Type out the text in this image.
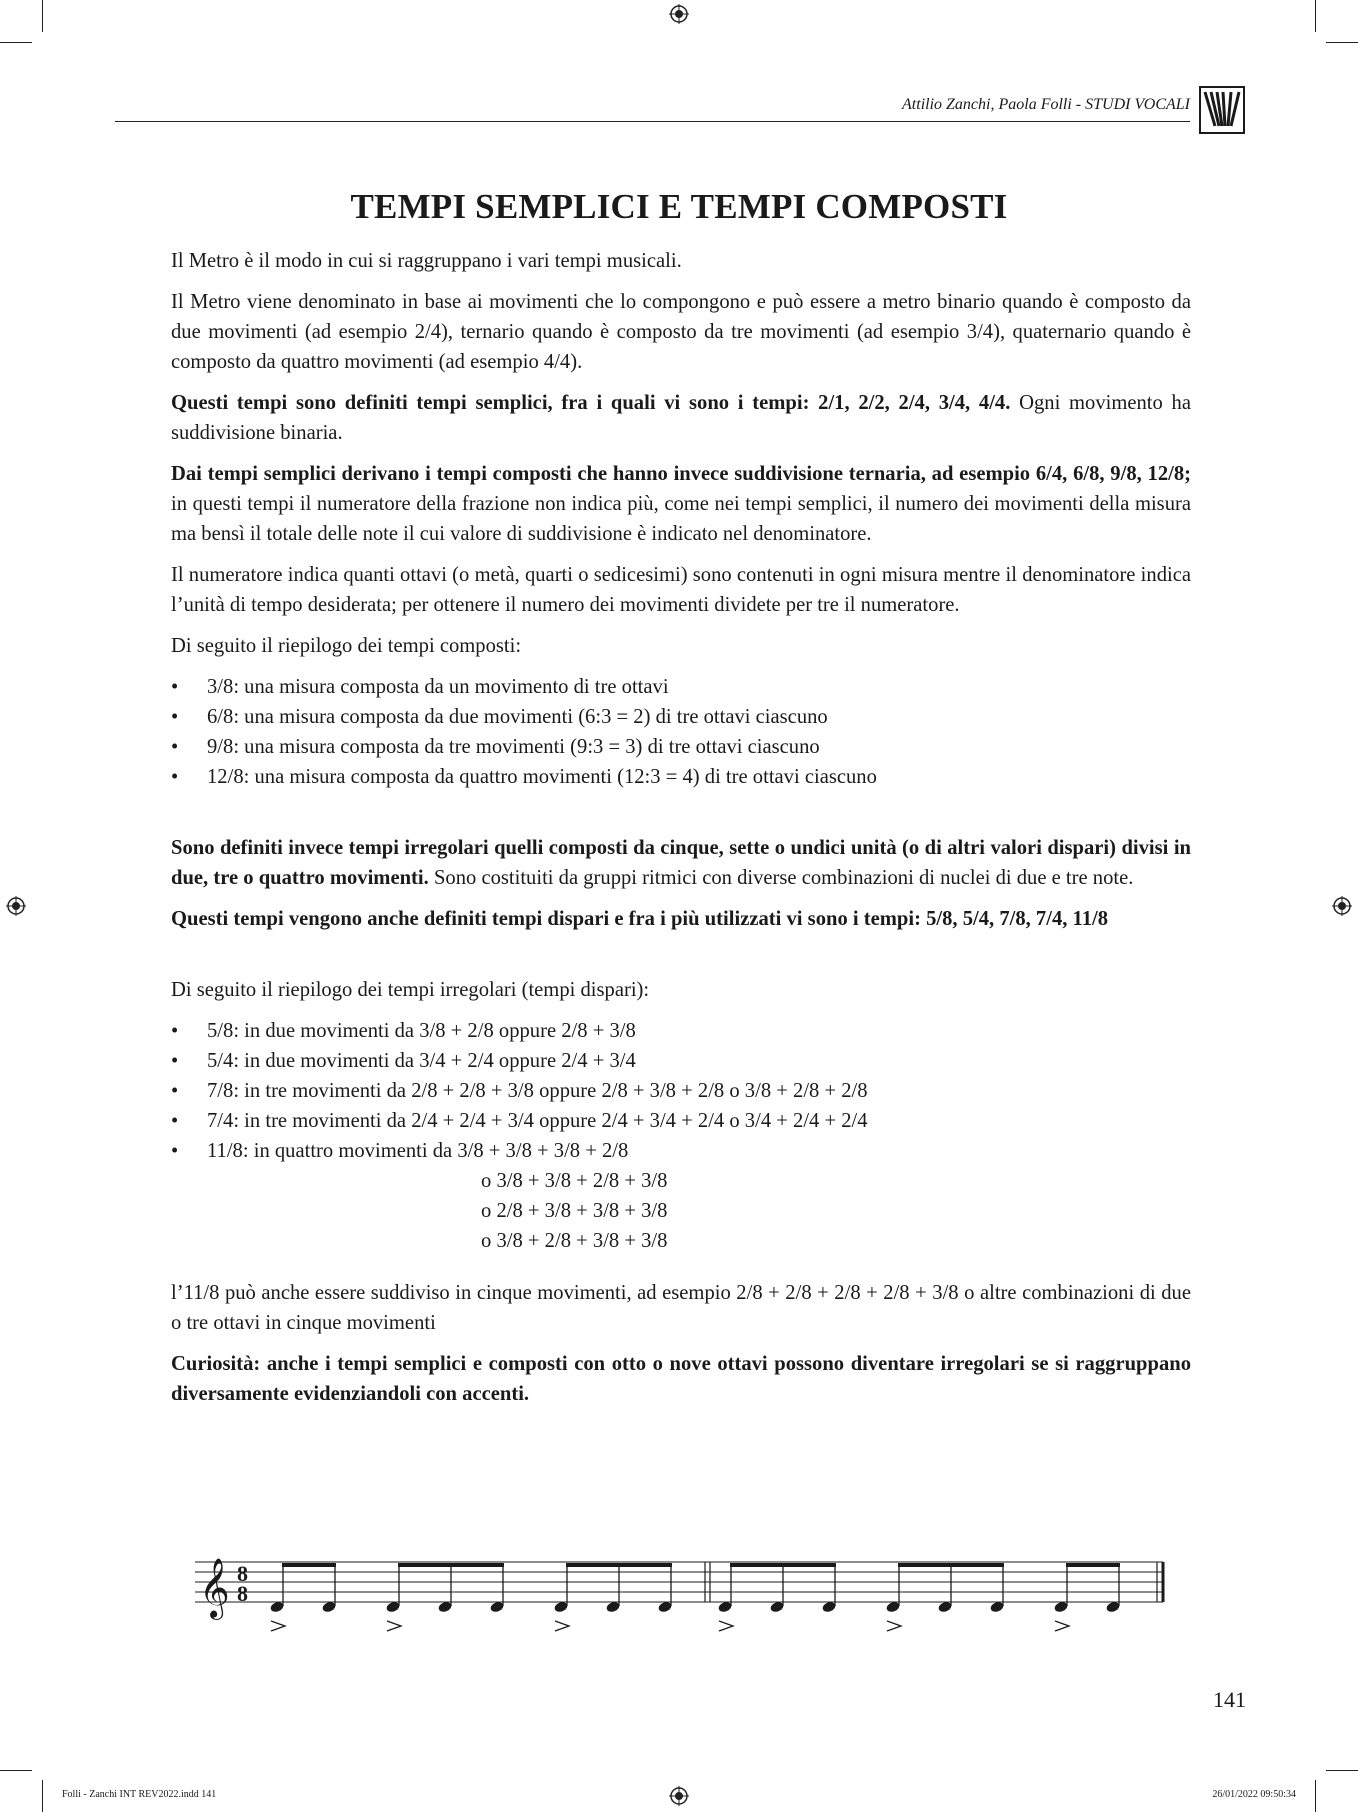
Attilio Zanchi, Paola Folli - STUDI VOCALI
TEMPI SEMPLICI E TEMPI COMPOSTI

Il Metro è il modo in cui si raggruppano i vari tempi musicali.

Il Metro viene denominato in base ai movimenti che lo compongono e può essere a metro binario quando è composto da due movimenti (ad esempio 2/4), ternario quando è composto da tre movimenti (ad esempio 3/4), quaternario quando è composto da quattro movimenti (ad esempio 4/4).

Questi tempi sono definiti tempi semplici, fra i quali vi sono i tempi: 2/1, 2/2, 2/4, 3/4, 4/4. Ogni movimento ha suddivisione binaria.

Dai tempi semplici derivano i tempi composti che hanno invece suddivisione ternaria, ad esempio 6/4, 6/8, 9/8, 12/8; in questi tempi il numeratore della frazione non indica più, come nei tempi semplici, il numero dei movimenti della misura ma bensì il totale delle note il cui valore di suddivisione è indicato nel denominatore.

Il numeratore indica quanti ottavi (o metà, quarti o sedicesimi) sono contenuti in ogni misura mentre il denominatore indica l’unità di tempo desiderata; per ottenere il numero dei movimenti dividete per tre il numeratore.

Di seguito il riepilogo dei tempi composti:

• 3/8: una misura composta da un movimento di tre ottavi
• 6/8: una misura composta da due movimenti (6:3 = 2) di tre ottavi ciascuno
• 9/8: una misura composta da tre movimenti (9:3 = 3) di tre ottavi ciascuno
• 12/8: una misura composta da quattro movimenti (12:3 = 4) di tre ottavi ciascuno

Sono definiti invece tempi irregolari quelli composti da cinque, sette o undici unità (o di altri valori dispari) divisi in due, tre o quattro movimenti. Sono costituiti da gruppi ritmici con diverse combinazioni di nuclei di due e tre note.

Questi tempi vengono anche definiti tempi dispari e fra i più utilizzati vi sono i tempi: 5/8, 5/4, 7/8, 7/4, 11/8

Di seguito il riepilogo dei tempi irregolari (tempi dispari):

• 5/8: in due movimenti da 3/8 + 2/8 oppure 2/8 + 3/8
• 5/4: in due movimenti da 3/4 + 2/4 oppure 2/4 + 3/4
• 7/8: in tre movimenti da 2/8 + 2/8 + 3/8 oppure 2/8 + 3/8 + 2/8 o 3/8 + 2/8 + 2/8
• 7/4: in tre movimenti da 2/4 + 2/4 + 3/4 oppure 2/4 + 3/4 + 2/4 o 3/4 + 2/4 + 2/4
• 11/8: in quattro movimenti da 3/8 + 3/8 + 3/8 + 2/8
o 3/8 + 3/8 + 2/8 + 3/8
o 2/8 + 3/8 + 3/8 + 3/8
o 3/8 + 2/8 + 3/8 + 3/8

l’11/8 può anche essere suddiviso in cinque movimenti, ad esempio 2/8 + 2/8 + 2/8 + 2/8 + 3/8 o altre combinazioni di due o tre ottavi in cinque movimenti

Curiosità: anche i tempi semplici e composti con otto o nove ottavi possono diventare irregolari se si raggruppano diversamente evidenziandoli con accenti.

𝄞 8
8
141
Folli - Zanchi INT REV2022.indd 141	26/01/2022 09:50:34
